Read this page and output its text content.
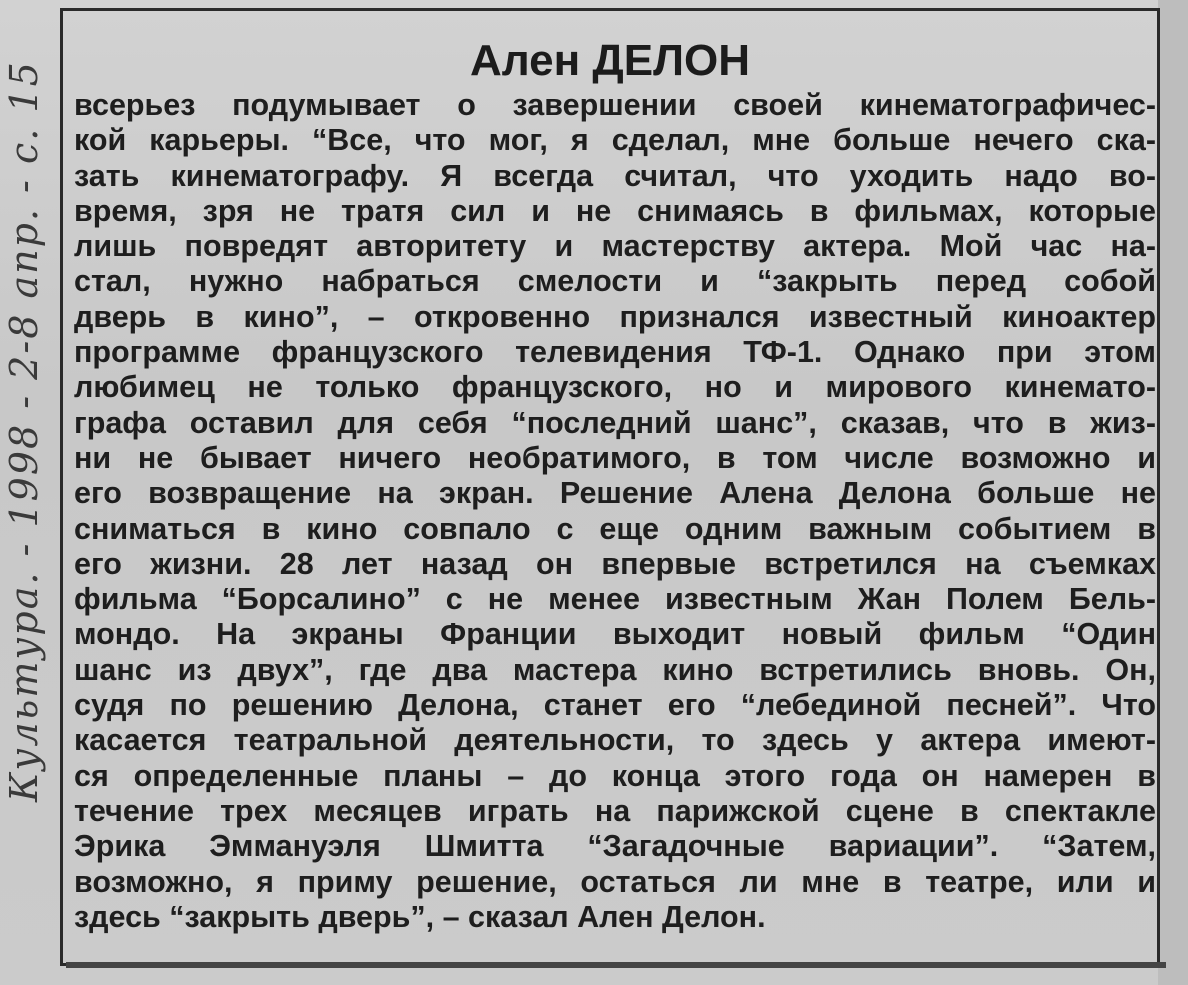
Культура. - 1998 - 2-8 апр. - с. 15	Ален ДЕЛОН
всерьез подумывает о завершении своей кинематографичес-
кой карьеры. “Все, что мог, я сделал, мне больше нечего ска-
зать кинематографу. Я всегда считал, что уходить надо во-
время, зря не тратя сил и не снимаясь в фильмах, которые
лишь повредят авторитету и мастерству актера. Мой час на-
стал, нужно набраться смелости и “закрыть перед собой
дверь в кино”, – откровенно признался известный киноактер
программе французского телевидения ТФ-1. Однако при этом
любимец не только французского, но и мирового кинемато-
графа оставил для себя “последний шанс”, сказав, что в жиз-
ни не бывает ничего необратимого, в том числе возможно и
его возвращение на экран. Решение Алена Делона больше не
сниматься в кино совпало с еще одним важным событием в
его жизни. 28 лет назад он впервые встретился на съемках
фильма “Борсалино” с не менее известным Жан Полем Бель-
мондо. На экраны Франции выходит новый фильм “Один
шанс из двух”, где два мастера кино встретились вновь. Он,
судя по решению Делона, станет его “лебединой песней”. Что
касается театральной деятельности, то здесь у актера имеют-
ся определенные планы – до конца этого года он намерен в
течение трех месяцев играть на парижской сцене в спектакле
Эрика Эммануэля Шмитта “Загадочные вариации”. “Затем,
возможно, я приму решение, остаться ли мне в театре, или и
здесь “закрыть дверь”, – сказал Ален Делон.
